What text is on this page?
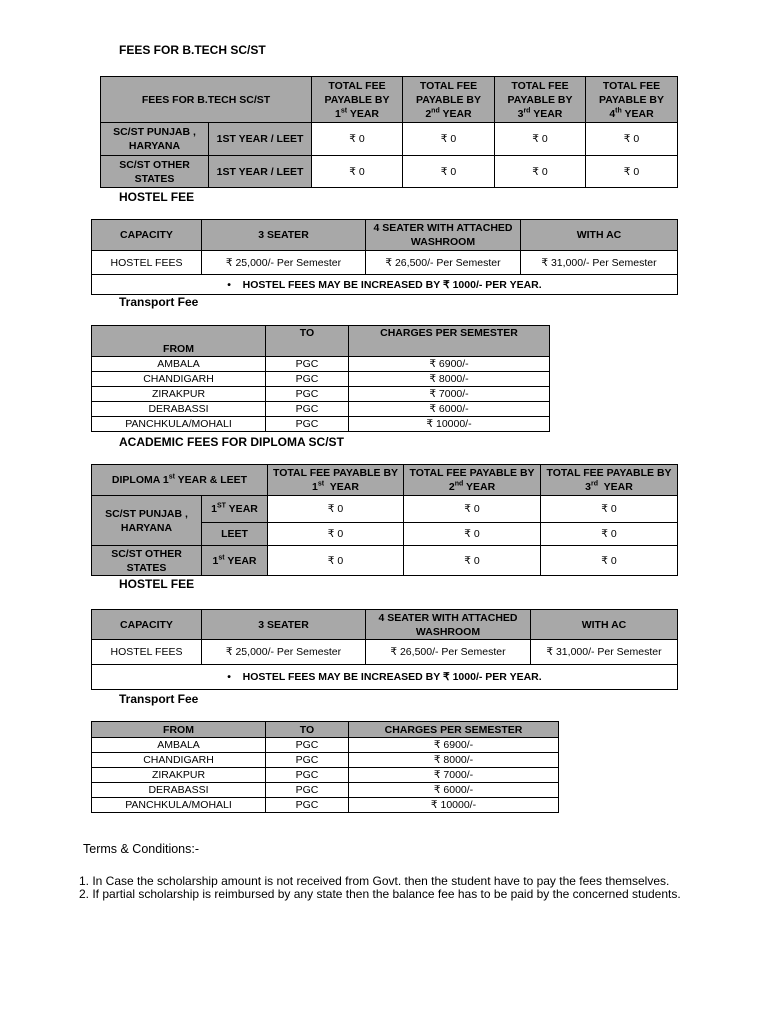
FEES FOR B.TECH SC/ST
FEES FOR B.TECH SC/ST		TOTAL FEE PAYABLE BY
1st YEAR	TOTAL FEE PAYABLE BY
2nd YEAR	TOTAL FEE PAYABLE BY
3rd YEAR	TOTAL FEE PAYABLE BY
4th YEAR
SC/ST PUNJAB , HARYANA	1ST YEAR / LEET	₹ 0	₹ 0	₹ 0	₹ 0
SC/ST OTHER STATES	1ST YEAR / LEET	₹ 0	₹ 0	₹ 0	₹ 0
HOSTEL FEE
CAPACITY	3 SEATER	4 SEATER WITH ATTACHED WASHROOM	WITH AC
HOSTEL FEES	₹ 25,000/- Per Semester	₹ 26,500/- Per Semester	₹ 31,000/- Per Semester
• HOSTEL FEES MAY BE INCREASED BY ₹ 1000/- PER YEAR.			
Transport Fee
FROM	TO	CHARGES PER SEMESTER
AMBALA	PGC	₹ 6900/-
CHANDIGARH	PGC	₹ 8000/-
ZIRAKPUR	PGC	₹ 7000/-
DERABASSI	PGC	₹ 6000/-
PANCHKULA/MOHALI	PGC	₹ 10000/-
ACADEMIC FEES FOR DIPLOMA SC/ST
DIPLOMA 1st YEAR & LEET		TOTAL FEE PAYABLE BY
1st YEAR	TOTAL FEE PAYABLE BY
2nd YEAR	TOTAL FEE PAYABLE BY
3rd YEAR
SC/ST PUNJAB , HARYANA	1ST YEAR	₹ 0	₹ 0	₹ 0
	LEET	₹ 0	₹ 0	₹ 0
SC/ST OTHER STATES	1st YEAR	₹ 0	₹ 0	₹ 0
HOSTEL FEE
CAPACITY	3 SEATER	4 SEATER WITH ATTACHED WASHROOM	WITH AC
HOSTEL FEES	₹ 25,000/- Per Semester	₹ 26,500/- Per Semester	₹ 31,000/- Per Semester
• HOSTEL FEES MAY BE INCREASED BY ₹ 1000/- PER YEAR.			
Transport Fee
FROM	TO	CHARGES PER SEMESTER
AMBALA	PGC	₹ 6900/-
CHANDIGARH	PGC	₹ 8000/-
ZIRAKPUR	PGC	₹ 7000/-
DERABASSI	PGC	₹ 6000/-
PANCHKULA/MOHALI	PGC	₹ 10000/-
Terms & Conditions:-
1. In Case the scholarship amount is not received from Govt. then the student have to pay the fees themselves.
2. If partial scholarship is reimbursed by any state then the balance fee has to be paid by the concerned students.
